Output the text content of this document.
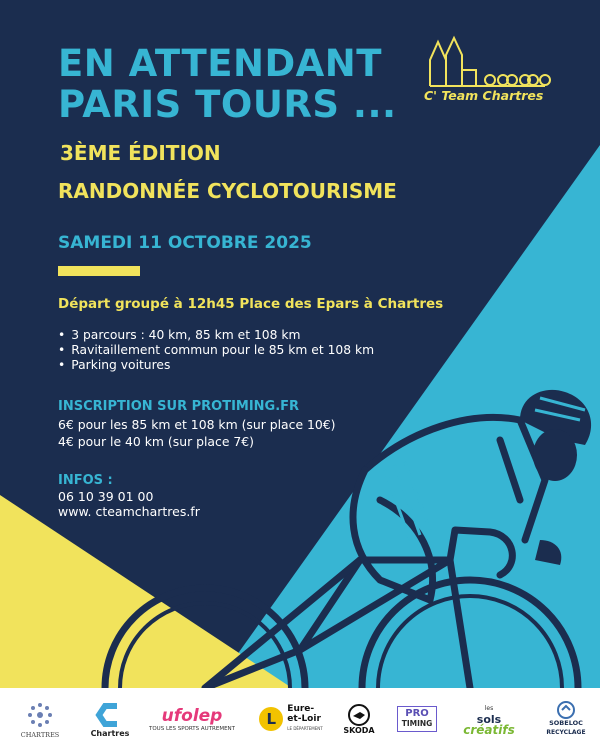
EN ATTENDANT
PARIS TOURS ...
3ÈME ÉDITION
RANDONNÉE CYCLOTOURISME
SAMEDI 11 OCTOBRE 2025
Départ groupé à 12h45 Place des Epars à Chartres
• 3 parcours : 40 km, 85 km et 108 km
• Ravitaillement commun pour le 85 km et 108 km
• Parking voitures
INSCRIPTION SUR PROTIMING.FR
6€ pour les 85 km et 108 km (sur place 10€)
4€ pour le 40 km (sur place 7€)
INFOS :
06 10 39 01 00
www. cteamchartres.fr
C' Team Chartres
CHARTRES	Chartres
ufolep
TOUS LES SPORTS AUTREMENT
L
Eure-
et-Loir
LE DÉPARTEMENT	SKODA
PRO
TIMING
les
sols
créatifs	SOBELOC
RECYCLAGE
